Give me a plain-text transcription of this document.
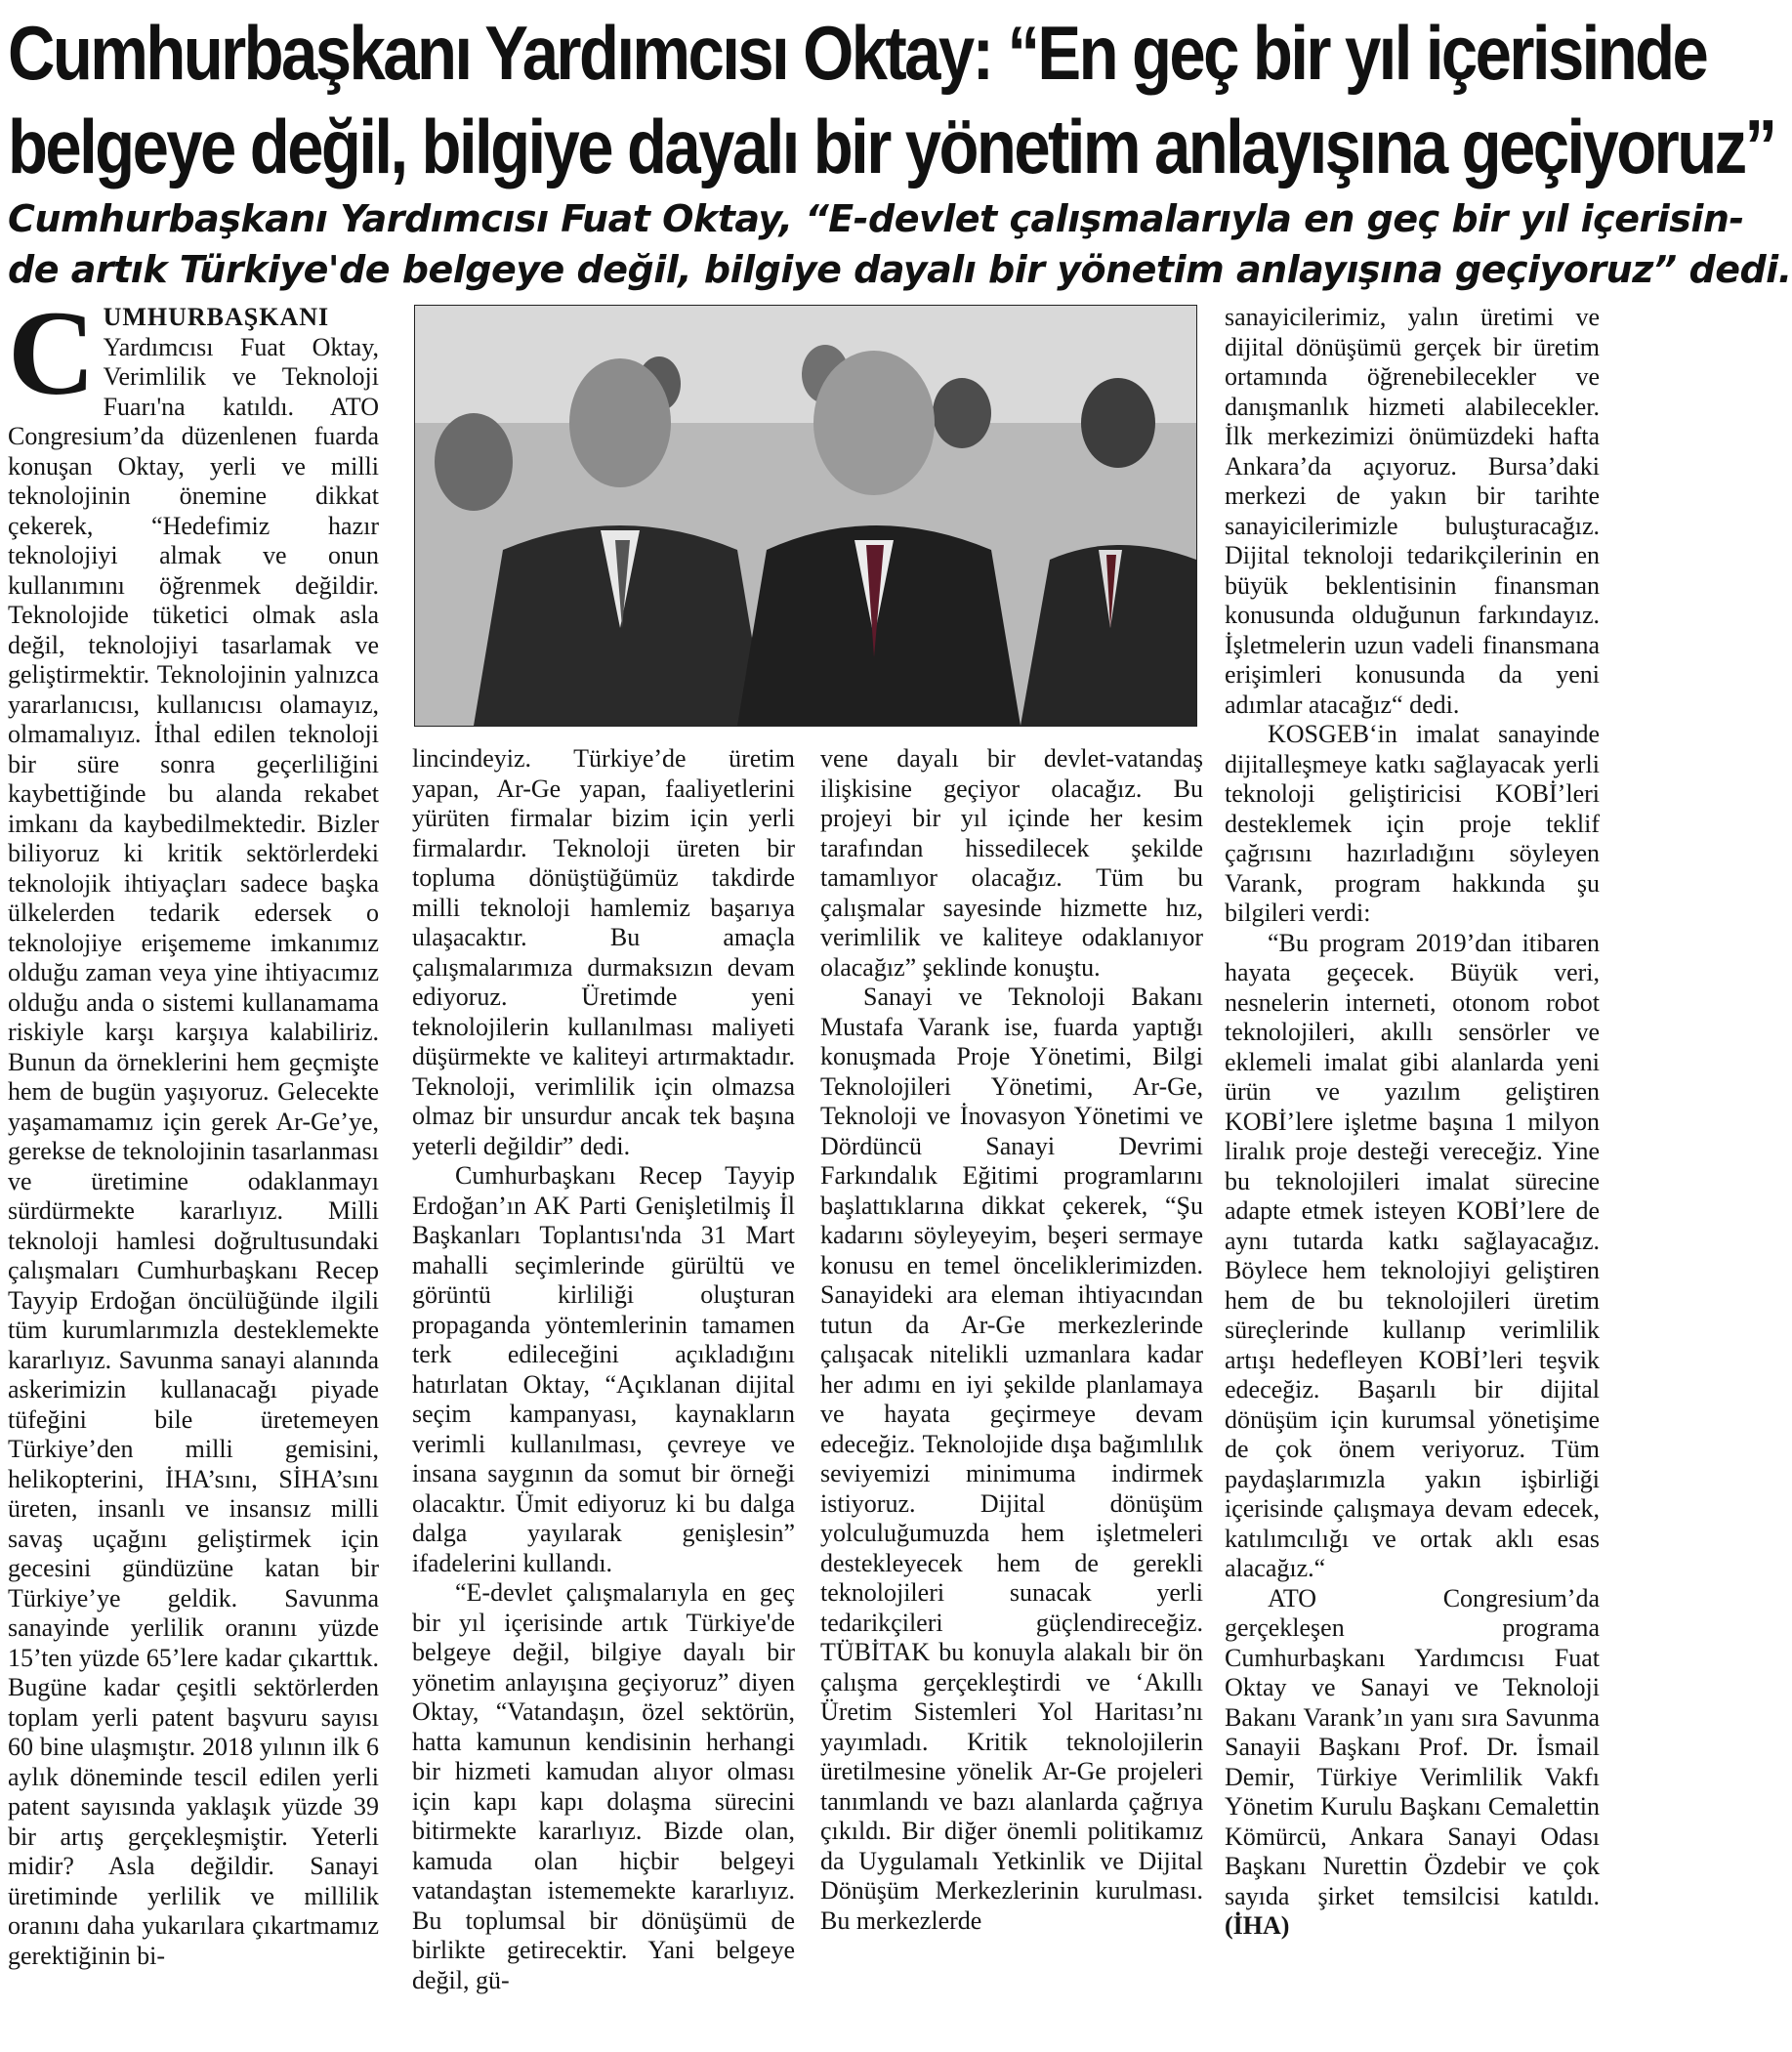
Cumhurbaşkanı Yardımcısı Oktay: “En geç bir yıl içerisinde
belgeye değil, bilgiye dayalı bir yönetim anlayışına geçiyoruz”
Cumhurbaşkanı Yardımcısı Fuat Oktay, “E-devlet çalışmalarıyla en geç bir yıl içerisin-
de artık Türkiye'de belgeye değil, bilgiye dayalı bir yönetim anlayışına geçiyoruz” dedi.

CUMHURBAŞKANI Yardımcısı Fuat Oktay, Verimlilik ve Teknoloji Fuarı'na katıldı. ATO Congresium’da düzenlenen fuarda konuşan Oktay, yerli ve milli teknolojinin önemine dikkat çekerek, “Hedefimiz hazır teknolojiyi almak ve onun kullanımını öğrenmek değildir. Teknolojide tüketici olmak asla değil, teknolojiyi tasarlamak ve geliştirmektir. Teknolojinin yalnızca yararlanıcısı, kullanıcısı olamayız, olmamalıyız. İthal edilen teknoloji bir süre sonra geçerliliğini kaybettiğinde bu alanda rekabet imkanı da kaybedilmektedir. Bizler biliyoruz ki kritik sektörlerdeki teknolojik ihtiyaçları sadece başka ülkelerden tedarik edersek o teknolojiye erişememe imkanımız olduğu zaman veya yine ihtiyacımız olduğu anda o sistemi kullanamama riskiyle karşı karşıya kalabiliriz. Bunun da örneklerini hem geçmişte hem de bugün yaşıyoruz. Gelecekte yaşamamamız için gerek Ar-Ge’ye, gerekse de teknolojinin tasarlanması ve üretimine odaklanmayı sürdürmekte kararlıyız. Milli teknoloji hamlesi doğrultusundaki çalışmaları Cumhurbaşkanı Recep Tayyip Erdoğan öncülüğünde ilgili tüm kurumlarımızla desteklemekte kararlıyız. Savunma sanayi alanında askerimizin kullanacağı piyade tüfeğini bile üretemeyen Türkiye’den milli gemisini, helikopterini, İHA’sını, SİHA’sını üreten, insanlı ve insansız milli savaş uçağını geliştirmek için gecesini gündüzüne katan bir Türkiye’ye geldik. Savunma sanayinde yerlilik oranını yüzde 15’ten yüzde 65’lere kadar çıkarttık. Bugüne kadar çeşitli sektörlerden toplam yerli patent başvuru sayısı 60 bine ulaşmıştır. 2018 yılının ilk 6 aylık döneminde tescil edilen yerli patent sayısında yaklaşık yüzde 39 bir artış gerçekleşmiştir. Yeterli midir? Asla değildir. Sanayi üretiminde yerlilik ve millilik oranını daha yukarılara çıkartmamız gerektiğinin bi-

lincindeyiz. Türkiye’de üretim yapan, Ar-Ge yapan, faaliyetlerini yürüten firmalar bizim için yerli firmalardır. Teknoloji üreten bir topluma dönüştüğümüz takdirde milli teknoloji hamlemiz başarıya ulaşacaktır. Bu amaçla çalışmalarımıza durmaksızın devam ediyoruz. Üretimde yeni teknolojilerin kullanılması maliyeti düşürmekte ve kaliteyi artırmaktadır. Teknoloji, verimlilik için olmazsa olmaz bir unsurdur ancak tek başına yeterli değildir” dedi.

Cumhurbaşkanı Recep Tayyip Erdoğan’ın AK Parti Genişletilmiş İl Başkanları Toplantısı'nda 31 Mart mahalli seçimlerinde gürültü ve görüntü kirliliği oluşturan propaganda yöntemlerinin tamamen terk edileceğini açıkladığını hatırlatan Oktay, “Açıklanan dijital seçim kampanyası, kaynakların verimli kullanılması, çevreye ve insana saygının da somut bir örneği olacaktır. Ümit ediyoruz ki bu dalga dalga yayılarak genişlesin” ifadelerini kullandı.

“E-devlet çalışmalarıyla en geç bir yıl içerisinde artık Türkiye'de belgeye değil, bilgiye dayalı bir yönetim anlayışına geçiyoruz” diyen Oktay, “Vatandaşın, özel sektörün, hatta kamunun kendisinin herhangi bir hizmeti kamudan alıyor olması için kapı kapı dolaşma sürecini bitirmekte kararlıyız. Bizde olan, kamuda olan hiçbir belgeyi vatandaştan istememekte kararlıyız. Bu toplumsal bir dönüşümü de birlikte getirecektir. Yani belgeye değil, gü-

vene dayalı bir devlet-vatandaş ilişkisine geçiyor olacağız. Bu projeyi bir yıl içinde her kesim tarafından hissedilecek şekilde tamamlıyor olacağız. Tüm bu çalışmalar sayesinde hizmette hız, verimlilik ve kaliteye odaklanıyor olacağız” şeklinde konuştu.

Sanayi ve Teknoloji Bakanı Mustafa Varank ise, fuarda yaptığı konuşmada Proje Yönetimi, Bilgi Teknolojileri Yönetimi, Ar-Ge, Teknoloji ve İnovasyon Yönetimi ve Dördüncü Sanayi Devrimi Farkındalık Eğitimi programlarını başlattıklarına dikkat çekerek, “Şu kadarını söyleyeyim, beşeri sermaye konusu en temel önceliklerimizden. Sanayideki ara eleman ihtiyacından tutun da Ar-Ge merkezlerinde çalışacak nitelikli uzmanlara kadar her adımı en iyi şekilde planlamaya ve hayata geçirmeye devam edeceğiz. Teknolojide dışa bağımlılık seviyemizi minimuma indirmek istiyoruz. Dijital dönüşüm yolculuğumuzda hem işletmeleri destekleyecek hem de gerekli teknolojileri sunacak yerli tedarikçileri güçlendireceğiz. TÜBİTAK bu konuyla alakalı bir ön çalışma gerçekleştirdi ve ‘Akıllı Üretim Sistemleri Yol Haritası’nı yayımladı. Kritik teknolojilerin üretilmesine yönelik Ar-Ge projeleri tanımlandı ve bazı alanlarda çağrıya çıkıldı. Bir diğer önemli politikamız da Uygulamalı Yetkinlik ve Dijital Dönüşüm Merkezlerinin kurulması. Bu merkezlerde

sanayicilerimiz, yalın üretimi ve dijital dönüşümü gerçek bir üretim ortamında öğrenebilecekler ve danışmanlık hizmeti alabilecekler. İlk merkezimizi önümüzdeki hafta Ankara’da açıyoruz. Bursa’daki merkezi de yakın bir tarihte sanayicilerimizle buluşturacağız. Dijital teknoloji tedarikçilerinin en büyük beklentisinin finansman konusunda olduğunun farkındayız. İşletmelerin uzun vadeli finansmana erişimleri konusunda da yeni adımlar atacağız“ dedi.

KOSGEB‘in imalat sanayinde dijitalleşmeye katkı sağlayacak yerli teknoloji geliştiricisi KOBİ’leri desteklemek için proje teklif çağrısını hazırladığını söyleyen Varank, program hakkında şu bilgileri verdi:

“Bu program 2019’dan itibaren hayata geçecek. Büyük veri, nesnelerin interneti, otonom robot teknolojileri, akıllı sensörler ve eklemeli imalat gibi alanlarda yeni ürün ve yazılım geliştiren KOBİ’lere işletme başına 1 milyon liralık proje desteği vereceğiz. Yine bu teknolojileri imalat sürecine adapte etmek isteyen KOBİ’lere de aynı tutarda katkı sağlayacağız. Böylece hem teknolojiyi geliştiren hem de bu teknolojileri üretim süreçlerinde kullanıp verimlilik artışı hedefleyen KOBİ’leri teşvik edeceğiz. Başarılı bir dijital dönüşüm için kurumsal yönetişime de çok önem veriyoruz. Tüm paydaşlarımızla yakın işbirliği içerisinde çalışmaya devam edecek, katılımcılığı ve ortak aklı esas alacağız.“

ATO Congresium’da gerçekleşen programa Cumhurbaşkanı Yardımcısı Fuat Oktay ve Sanayi ve Teknoloji Bakanı Varank’ın yanı sıra Savunma Sanayii Başkanı Prof. Dr. İsmail Demir, Türkiye Verimlilik Vakfı Yönetim Kurulu Başkanı Cemalettin Kömürcü, Ankara Sanayi Odası Başkanı Nurettin Özdebir ve çok sayıda şirket temsilcisi katıldı. (İHA)
